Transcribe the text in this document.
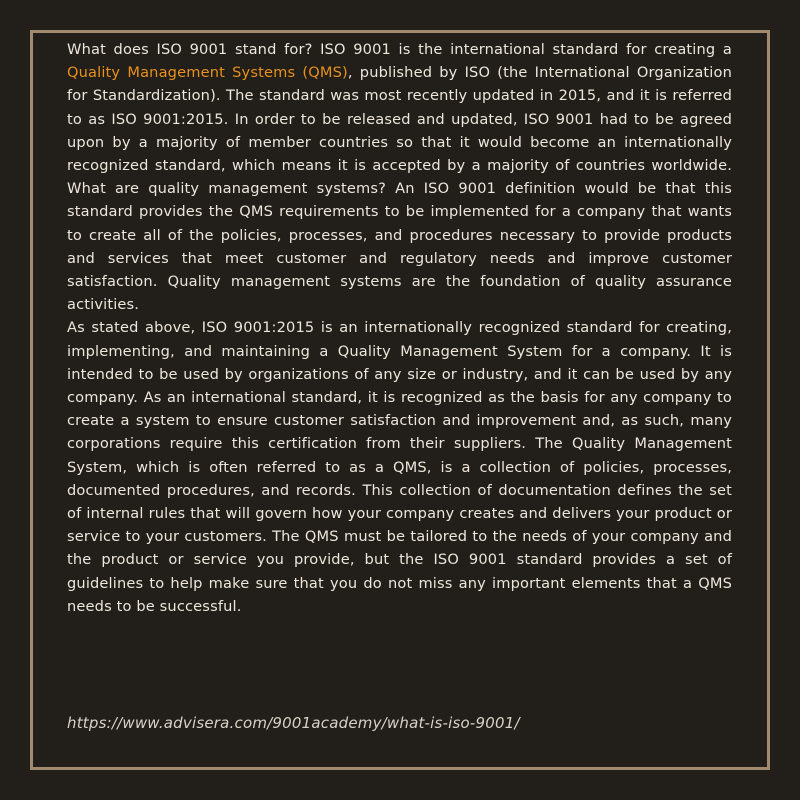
What does ISO 9001 stand for? ISO 9001 is the international standard for creating a Quality Management Systems (QMS), published by ISO (the International Organization for Standardization). The standard was most recently updated in 2015, and it is referred to as ISO 9001:2015. In order to be released and updated, ISO 9001 had to be agreed upon by a majority of member countries so that it would become an internationally recognized standard, which means it is accepted by a majority of countries worldwide. What are quality management systems? An ISO 9001 definition would be that this standard provides the QMS requirements to be implemented for a company that wants to create all of the policies, processes, and procedures necessary to provide products and services that meet customer and regulatory needs and improve customer satisfaction. Quality management systems are the foundation of quality assurance activities.

As stated above, ISO 9001:2015 is an internationally recognized standard for creating, implementing, and maintaining a Quality Management System for a company. It is intended to be used by organizations of any size or industry, and it can be used by any company. As an international standard, it is recognized as the basis for any company to create a system to ensure customer satisfaction and improvement and, as such, many corporations require this certification from their suppliers. The Quality Management System, which is often referred to as a QMS, is a collection of policies, processes, documented procedures, and records. This collection of documentation defines the set of internal rules that will govern how your company creates and delivers your product or service to your customers. The QMS must be tailored to the needs of your company and the product or service you provide, but the ISO 9001 standard provides a set of guidelines to help make sure that you do not miss any important elements that a QMS needs to be successful.

https://www.advisera.com/9001academy/what-is-iso-9001/
